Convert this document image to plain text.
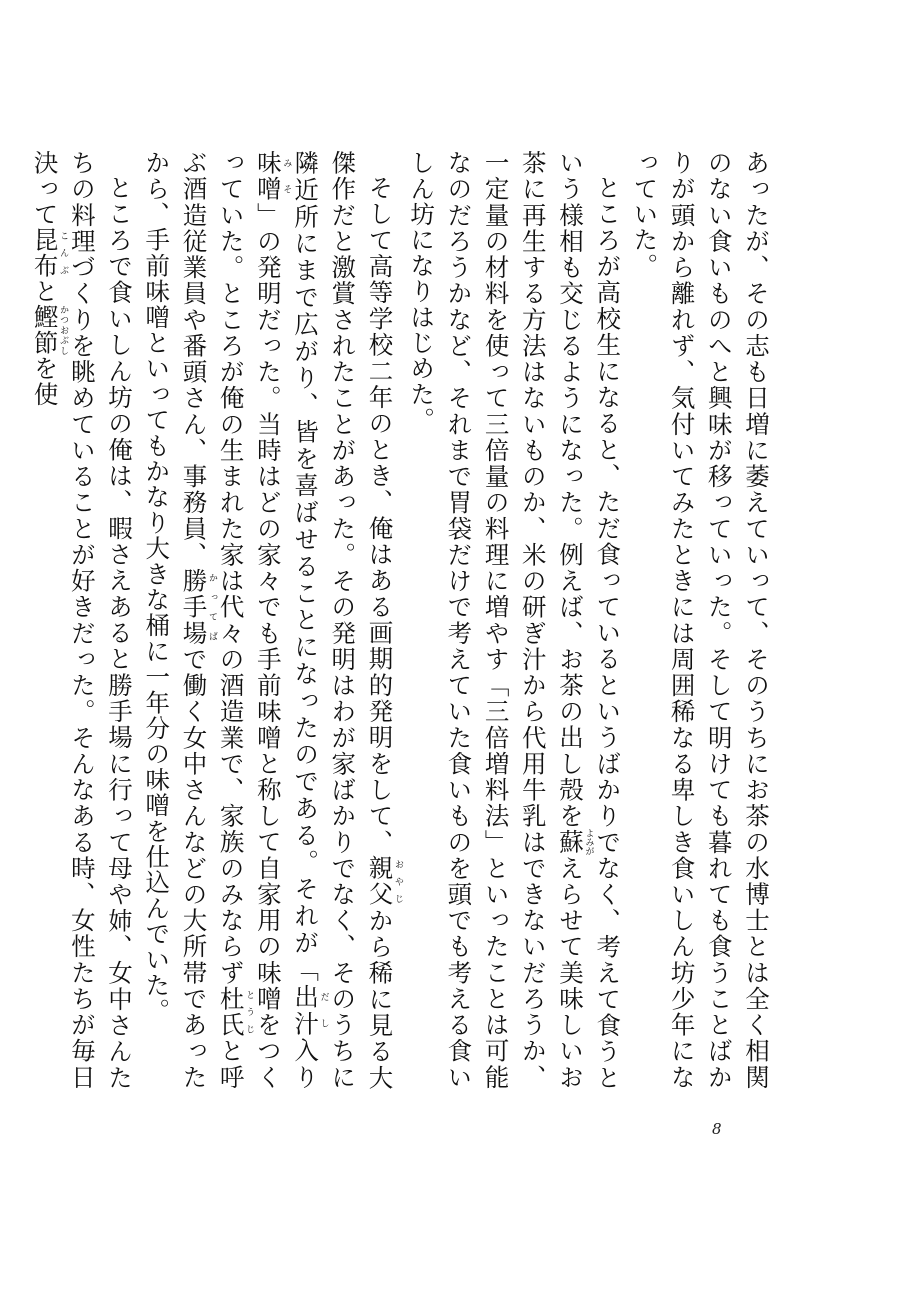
あったが、その志も日増に萎えていって、そのうちにお茶の水博士とは全く相関のない食いものへと興味が移っていった。そして明けても暮れても食うことばかりが頭から離れず、気付いてみたときには周囲稀なる卑しき食いしん坊少年になっていた。

ところが高校生になると、ただ食っているというばかりでなく、考えて食うという様相も交じるようになった。例えば、お茶の出し殻を蘇よみがえらせて美味しいお茶に再生する方法はないものか、米の研ぎ汁から代用牛乳はできないだろうか、一定量の材料を使って三倍量の料理に増やす「三倍増料法」といったことは可能なのだろうかなど、それまで胃袋だけで考えていた食いものを頭でも考える食いしん坊になりはじめた。

そして高等学校二年のとき、俺はある画期的発明をして、親父おやじから稀に見る大傑作だと激賞されたことがあった。その発明はわが家ばかりでなく、そのうちに隣近所にまで広がり、皆を喜ばせることになったのである。それが「出汁だし入り味噌みそ」の発明だった。当時はどの家々でも手前味噌と称して自家用の味噌をつくっていた。ところが俺の生まれた家は代々の酒造業で、家族のみならず杜氏とうじと呼ぶ酒造従業員や番頭さん、事務員、勝手場かってばで働く女中さんなどの大所帯であったから、手前味噌といってもかなり大きな桶に一年分の味噌を仕込んでいた。

ところで食いしん坊の俺は、暇さえあると勝手場に行って母や姉、女中さんたちの料理づくりを眺めていることが好きだった。そんなある時、女性たちが毎日決って昆布こんぶと鰹節かつおぶしを使

8
